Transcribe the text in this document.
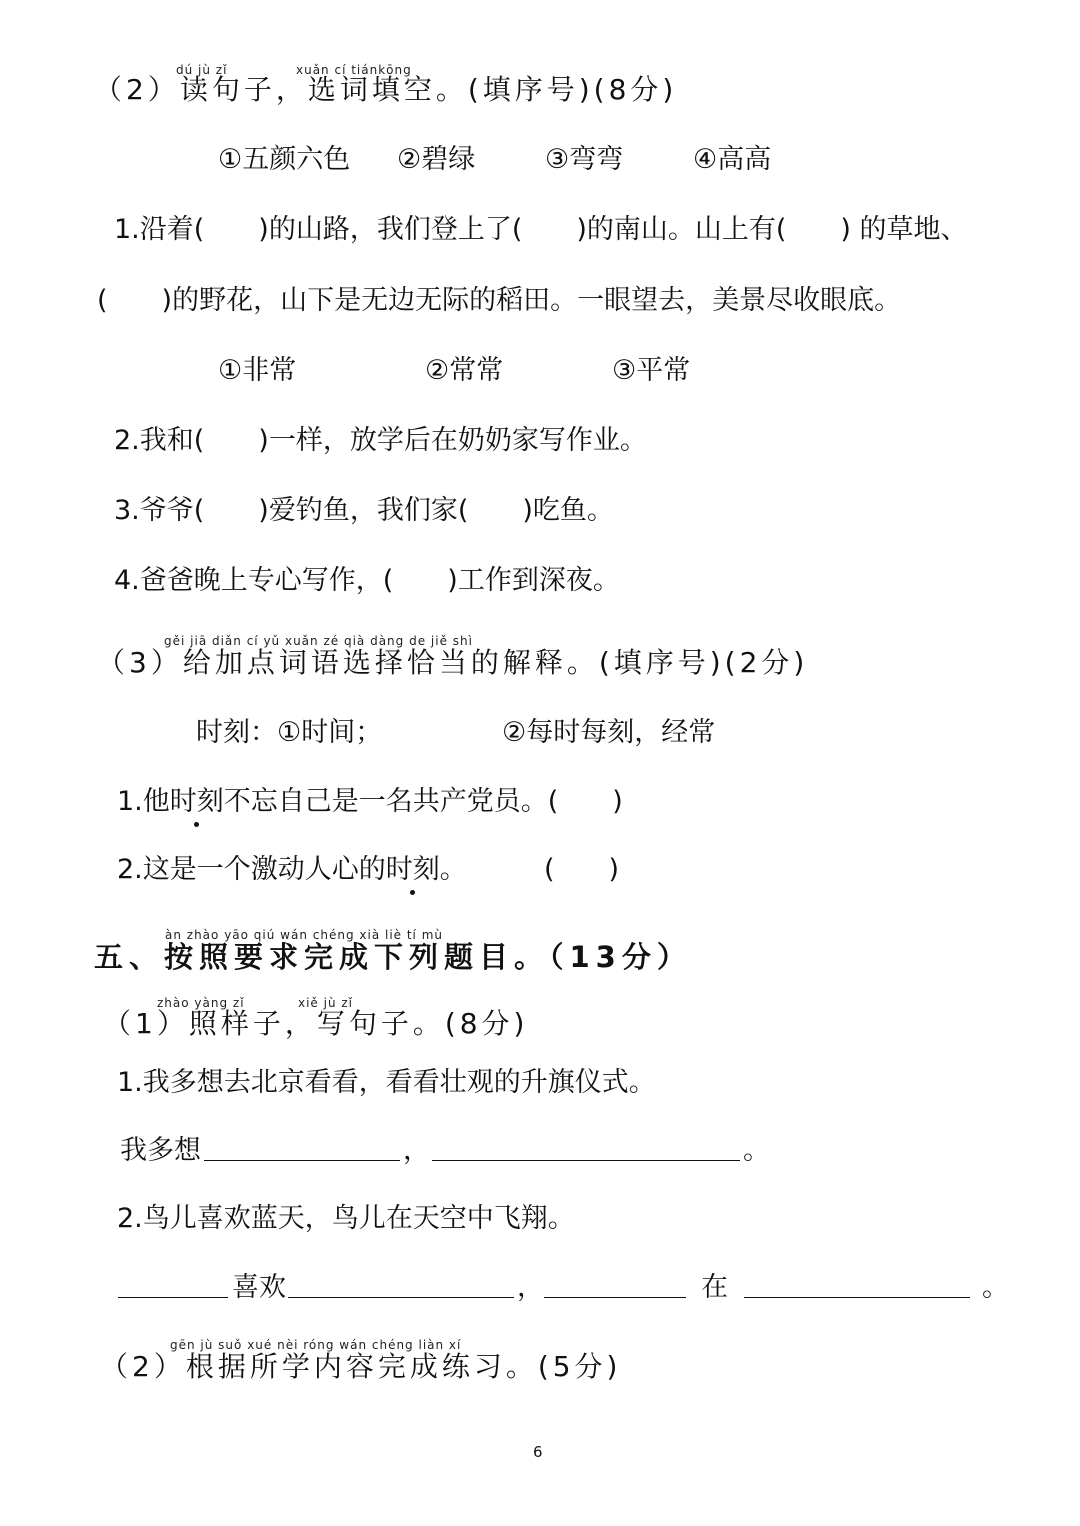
dú jù zǐ	xuǎn cí tiánkōng
（2）读句子，选词填空。(填序号)(8分)
①五颜六色 ②碧绿	③弯弯	④高高
1.沿着(　　)的山路，我们登上了(　　)的南山。山上有(　　) 的草地、
(　　)的野花，山下是无边无际的稻田。一眼望去，美景尽收眼底。
①非常	②常常	③平常
2.我和(　　)一样，放学后在奶奶家写作业。
3.爷爷(　　)爱钓鱼，我们家(　　)吃鱼。
4.爸爸晚上专心写作，(　　)工作到深夜。
gěi jiā diǎn cí yǔ xuǎn zé qià dàng de jiě shì
（3）给加点词语选择恰当的解释。(填序号)(2分)
时刻：①时间；	②每时每刻，经常
1.他时刻不忘自己是一名共产党员。(　　)
2.这是一个激动人心的时刻。	(　　)
àn zhào yāo qiú wán chéng xià liè tí mù
五、按照要求完成下列题目。（13分）
zhào yàng zǐ	xiě jù zǐ
（1）照样子，写句子。(8分)
1.我多想去北京看看，看看壮观的升旗仪式。
我多想	，	。
2.鸟儿喜欢蓝天，鸟儿在天空中飞翔。
喜欢	，	在	。
gēn jù suǒ xué nèi róng wán chéng liàn xí
（2）根据所学内容完成练习。(5分)
6
